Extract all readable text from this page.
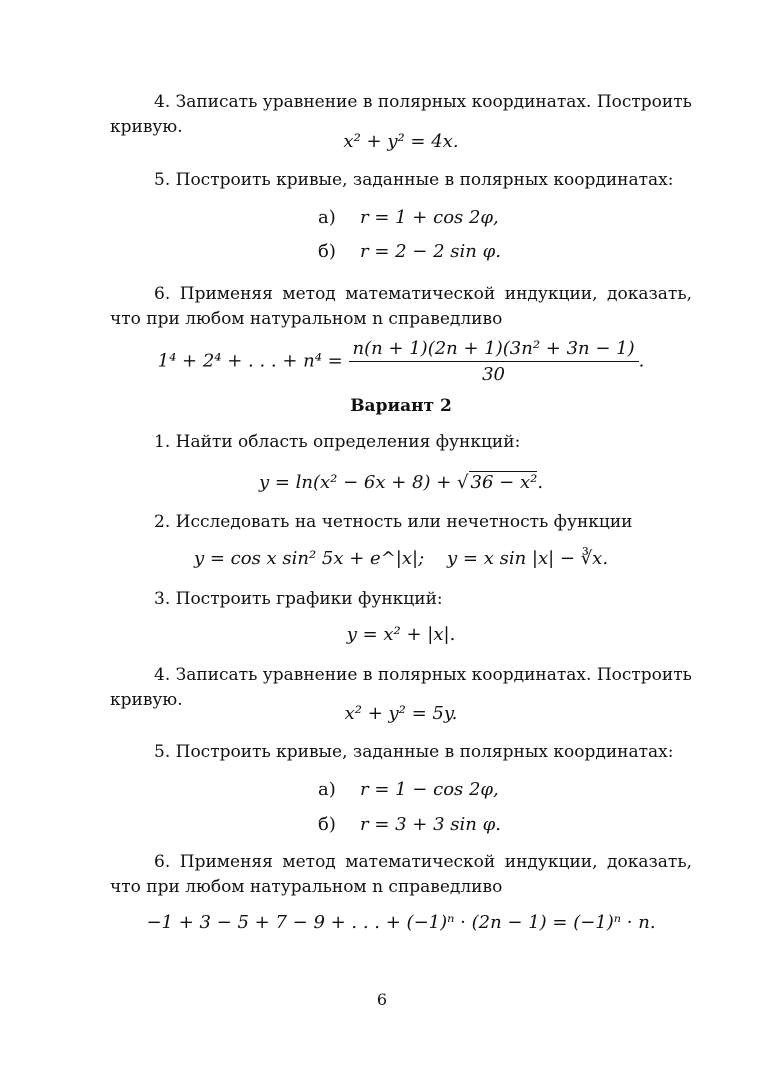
4. Записать уравнение в полярных координатах. Построить кривую.
x² + y² = 4x.
5. Построить кривые, заданные в полярных координатах:
а) r = 1 + cos 2φ,
б) r = 2 − 2 sin φ.
6. Применяя метод математической индукции, доказать, что при любом натуральном n справедливо
1⁴ + 2⁴ + . . . + $n^4 = \frac{\text{n(n + 1)(2n + 1)(3n² + 3n − 1)}}{30}$ .
Вариант 2
1. Найти область определения функций:
y = ln(x² − 6x + 8) + √ 36 − x².
2. Исследовать на четность или нечетность функции
y = cos x sin² 5x + e^|x|;    y = x sin |x| − ∛x.
3. Построить графики функций:
y = x² + |x|.
4. Записать уравнение в полярных координатах. Построить кривую.
x² + y² = 5y.
5. Построить кривые, заданные в полярных координатах:
а) r = 1 − cos 2φ,
б) r = 3 + 3 sin φ.
6. Применяя метод математической индукции, доказать, что при любом натуральном n справедливо
−1 + 3 − 5 + 7 − 9 + . . . + (−1)ⁿ · (2n − 1) = (−1)ⁿ · n.
6
